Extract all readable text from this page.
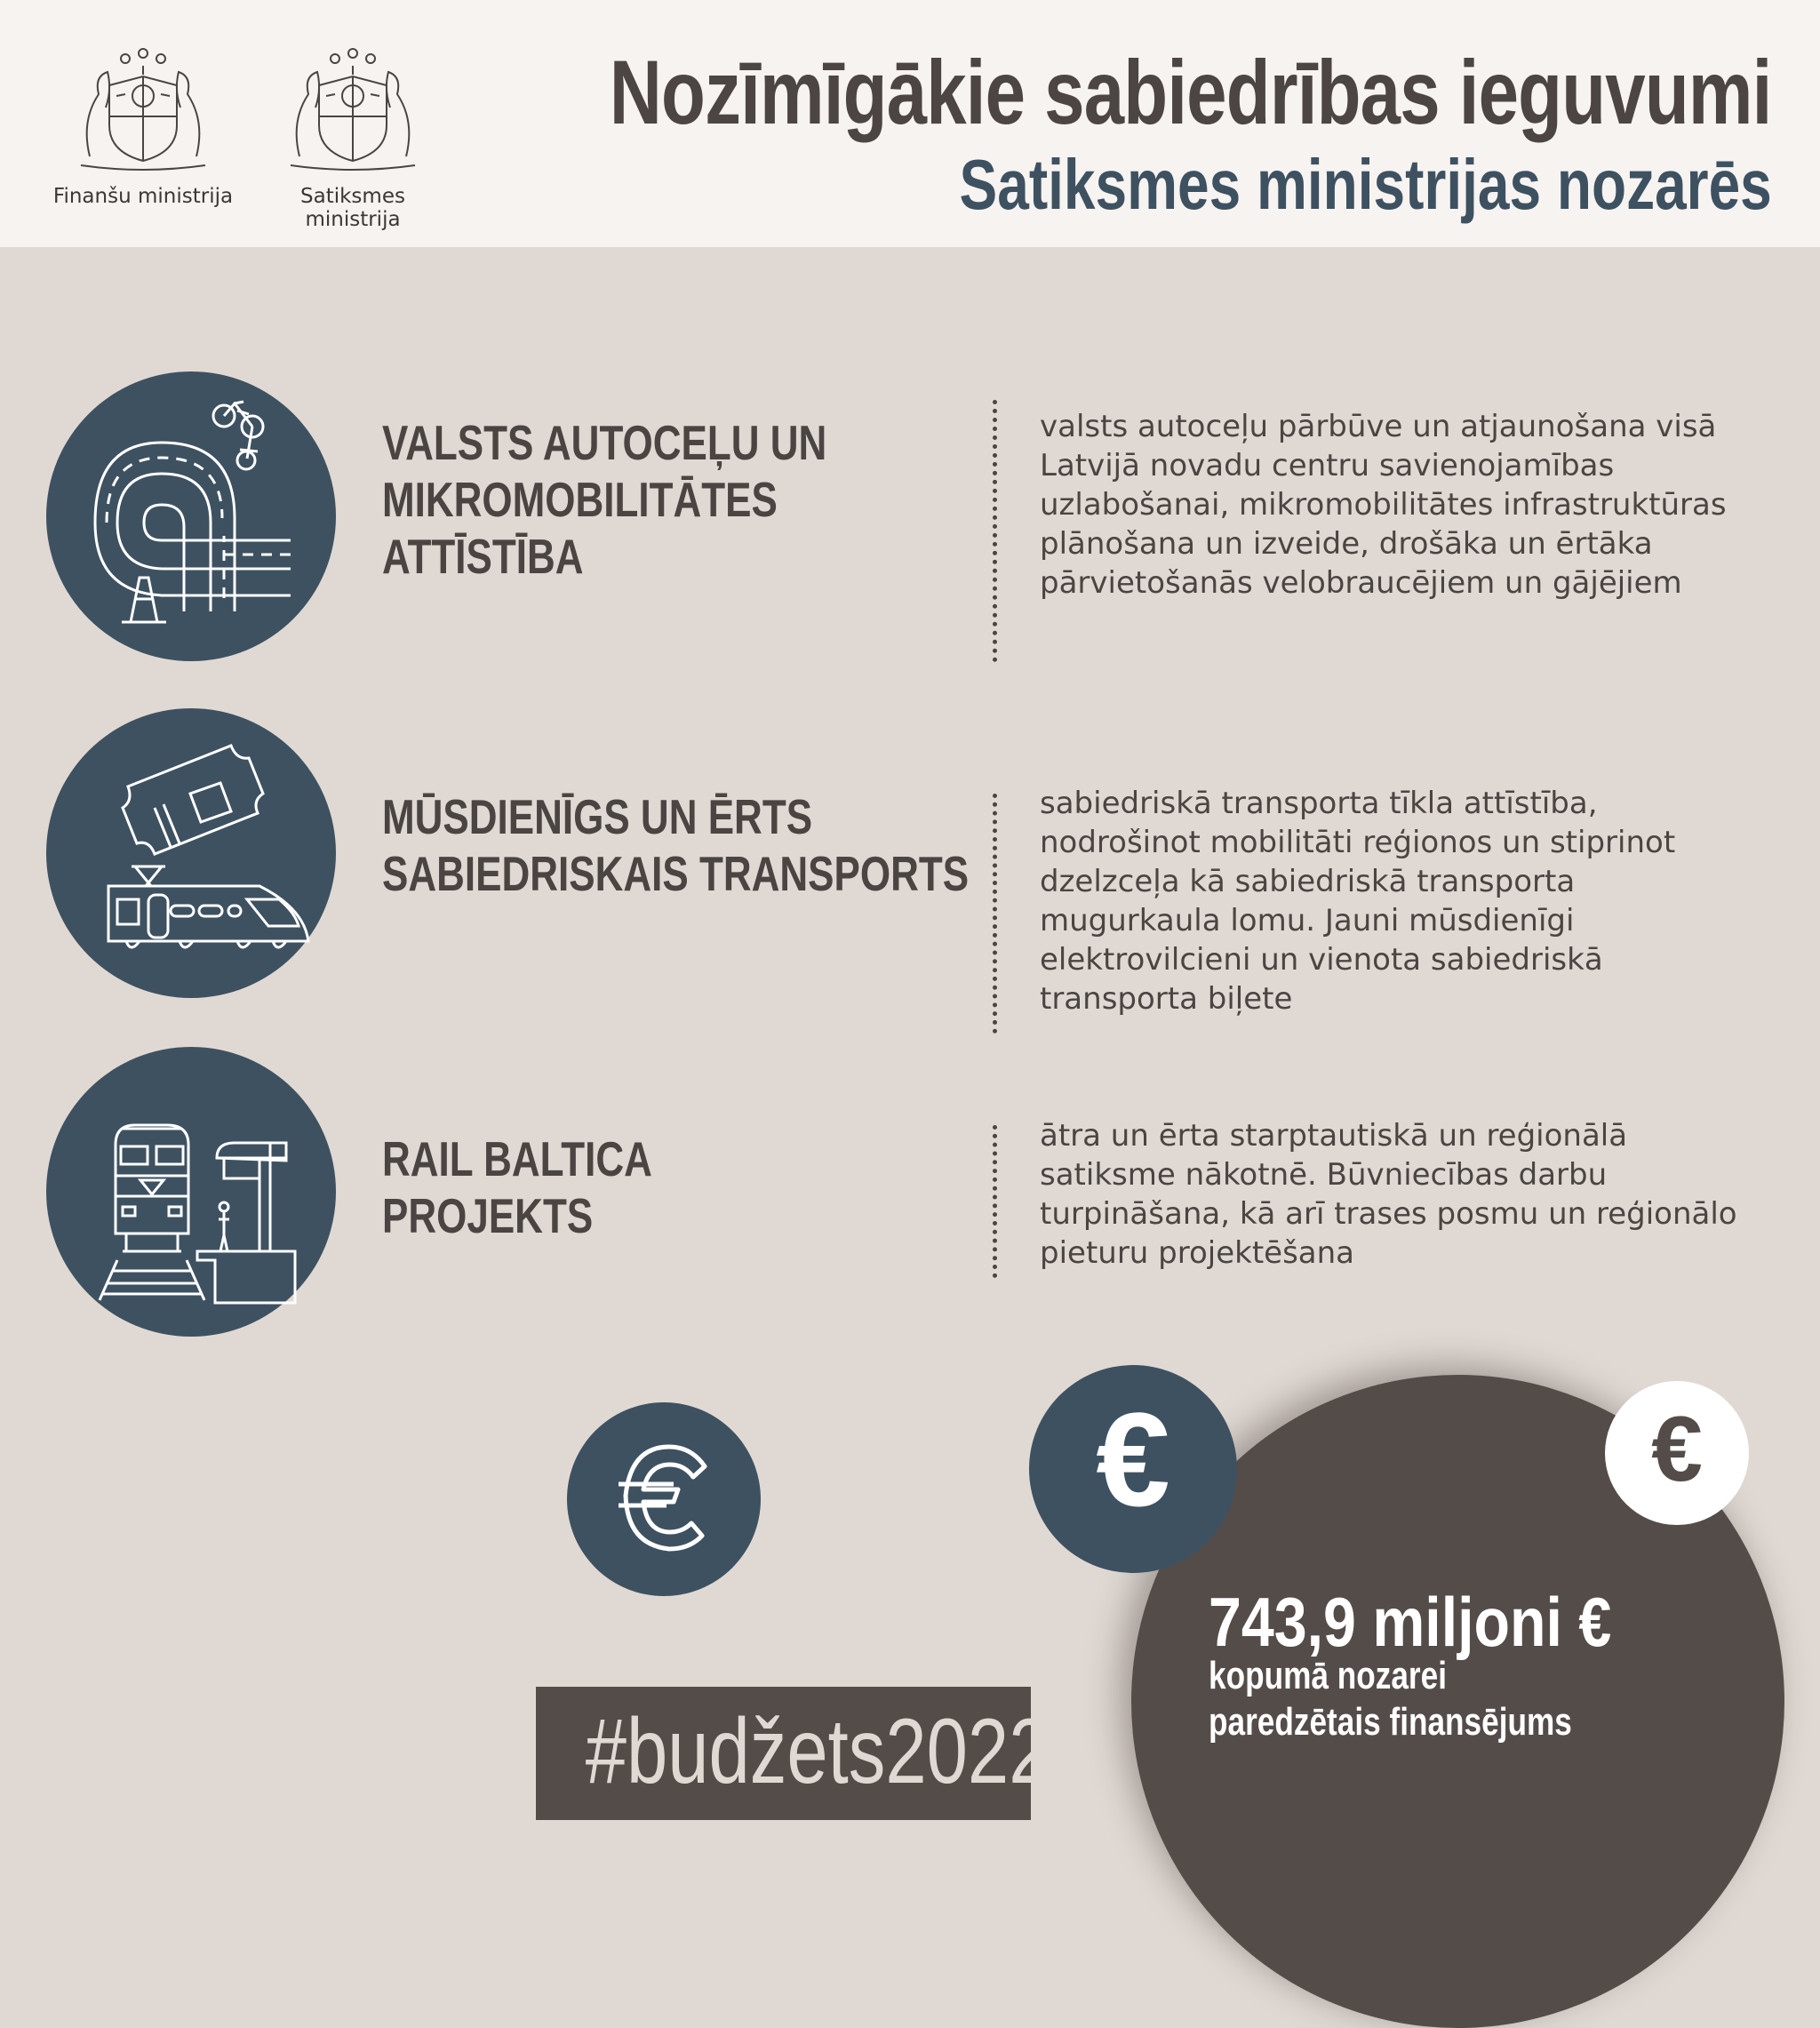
Finanšu ministrija	Satiksmes ministrija
Nozīmīgākie sabiedrības ieguvumi
Satiksmes ministrijas nozarēs
VALSTS AUTOCEĻU UN
MIKROMOBILITĀTES
ATTĪSTĪBA
valsts autoceļu pārbūve un atjaunošana visā
Latvijā novadu centru savienojamības
uzlabošanai, mikromobilitātes infrastruktūras
plānošana un izveide, drošāka un ērtāka
pārvietošanās velobraucējiem un gājējiem
MŪSDIENĪGS UN ĒRTS
SABIEDRISKAIS TRANSPORTS
sabiedriskā transporta tīkla attīstība,
nodrošinot mobilitāti reģionos un stiprinot
dzelzceļa kā sabiedriskā transporta
mugurkaula lomu. Jauni mūsdienīgi
elektrovilcieni un vienota sabiedriskā
transporta biļete
RAIL BALTICA
PROJEKTS
ātra un ērta starptautiskā un reģionālā
satiksme nākotnē. Būvniecības darbu
turpināšana, kā arī trases posmu un reģionālo
pieturu projektēšana
€	€
743,9 miljoni €
kopumā nozarei
paredzētais finansējums
#budžets2022
